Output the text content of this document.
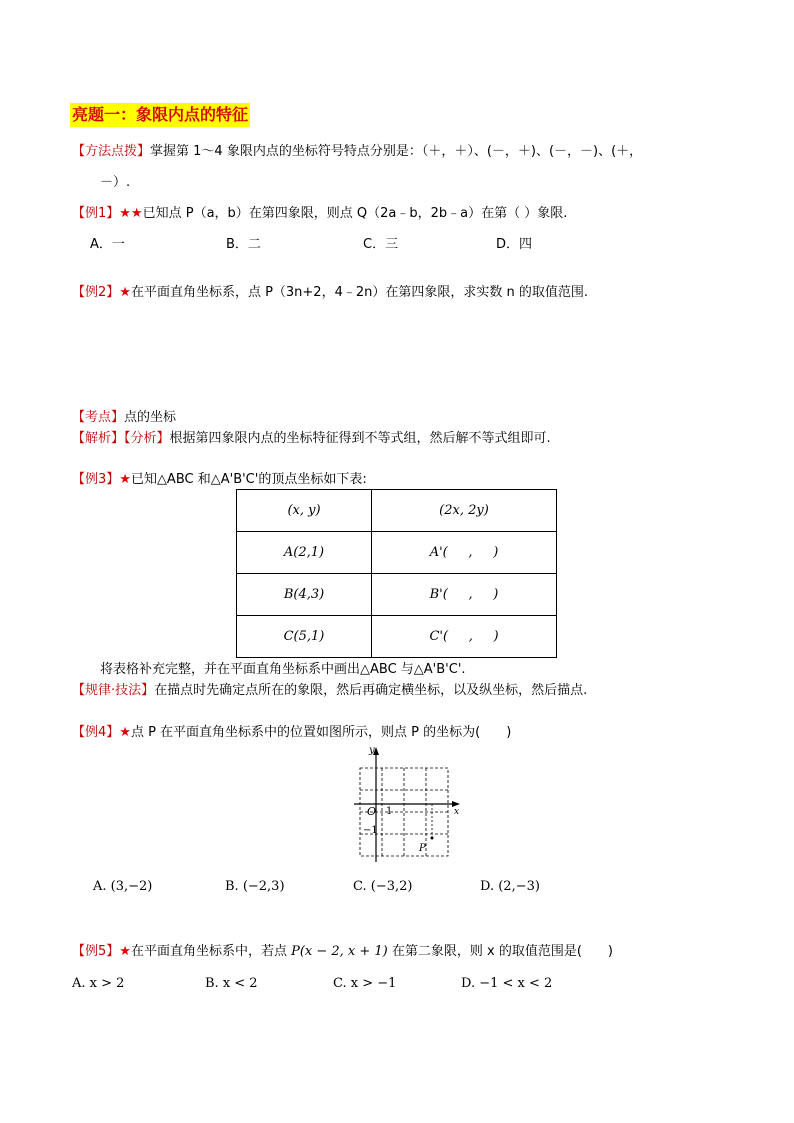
亮题一：象限内点的特征
【方法点拨】掌握第 1～4 象限内点的坐标符号特点分别是：（＋，＋）、(－，＋)、(－，－)、(＋，
－）.
【例1】★★已知点 P（a，b）在第四象限，则点 Q（2a﹣b，2b﹣a）在第（ ）象限.
A．一	B．二	C．三	D．四
【例2】★在平面直角坐标系，点 P（3n+2，4﹣2n）在第四象限，求实数 n 的取值范围.
【考点】点的坐标
【解析】【分析】根据第四象限内点的坐标特征得到不等式组，然后解不等式组即可.
【例3】★已知△ABC 和△A'B'C'的顶点坐标如下表:
(x, y)	(2x, 2y)
A(2,1)	A'(     ,     )
B(4,3)	B'(     ,     )
C(5,1)	C'(     ,     )
将表格补充完整，并在平面直角坐标系中画出△ABC 与△A'B'C'.
【规律·技法】在描点时先确定点所在的象限，然后再确定横坐标，以及纵坐标，然后描点.
【例4】★点 P 在平面直角坐标系中的位置如图所示，则点 P 的坐标为(　　)
y
x
O 1
−1
P
A. (3,−2)	B. (−2,3)	C. (−3,2)	D. (2,−3)
【例5】★在平面直角坐标系中，若点 P(x − 2, x + 1) 在第二象限，则 x 的取值范围是(　　)
A. x > 2	B. x < 2	C. x > −1	D. −1 < x < 2
